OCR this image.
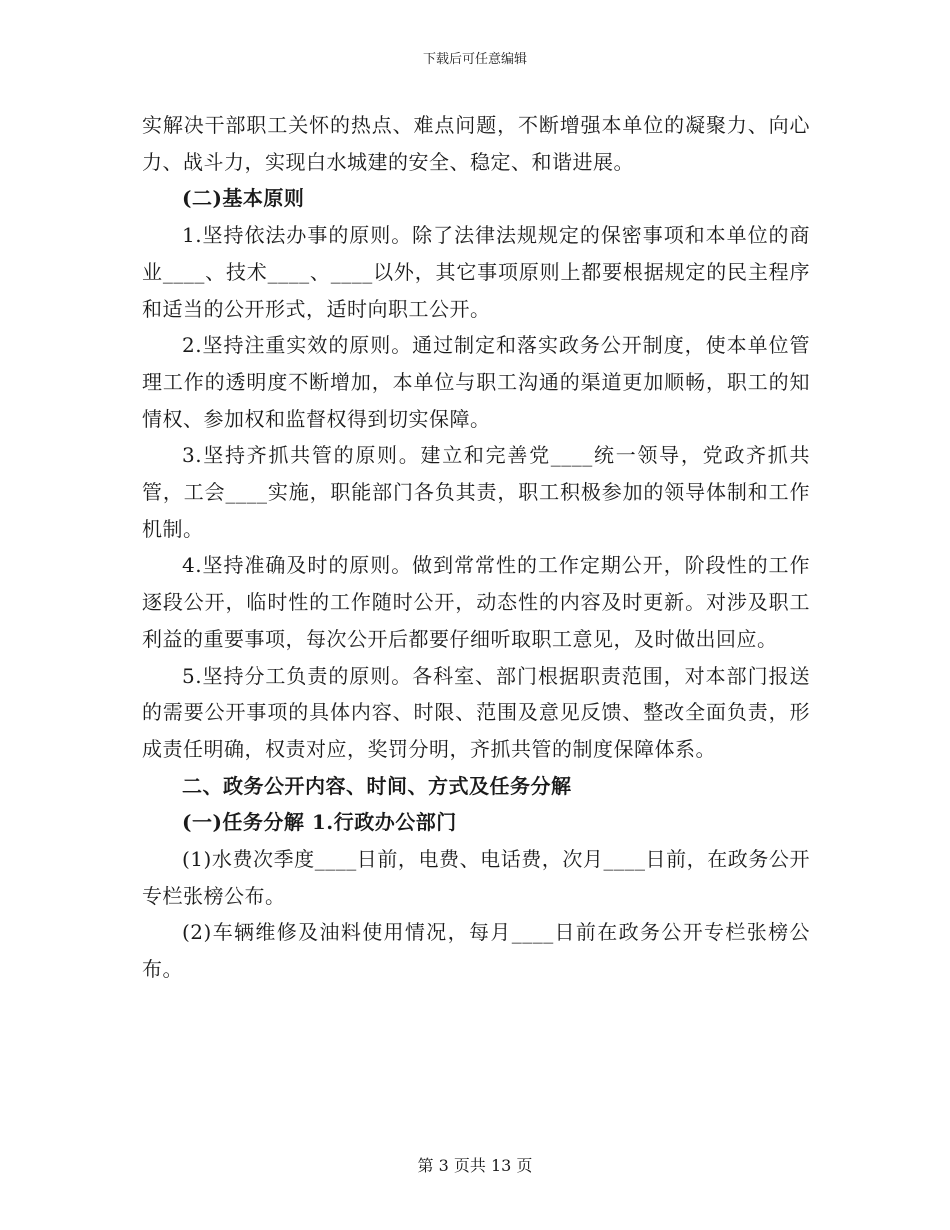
下载后可任意编辑

实解决干部职工关怀的热点、难点问题，不断增强本单位的凝聚力、向心力、战斗力，实现白水城建的安全、稳定、和谐进展。

(二)基本原则

1.坚持依法办事的原则。除了法律法规规定的保密事项和本单位的商业____、技术____、____以外，其它事项原则上都要根据规定的民主程序和适当的公开形式，适时向职工公开。

2.坚持注重实效的原则。通过制定和落实政务公开制度，使本单位管理工作的透明度不断增加，本单位与职工沟通的渠道更加顺畅，职工的知情权、参加权和监督权得到切实保障。

3.坚持齐抓共管的原则。建立和完善党____统一领导，党政齐抓共管，工会____实施，职能部门各负其责，职工积极参加的领导体制和工作机制。

4.坚持准确及时的原则。做到常常性的工作定期公开，阶段性的工作逐段公开，临时性的工作随时公开，动态性的内容及时更新。对涉及职工利益的重要事项，每次公开后都要仔细听取职工意见，及时做出回应。

5.坚持分工负责的原则。各科室、部门根据职责范围，对本部门报送的需要公开事项的具体内容、时限、范围及意见反馈、整改全面负责，形成责任明确，权责对应，奖罚分明，齐抓共管的制度保障体系。

二、政务公开内容、时间、方式及任务分解

(一)任务分解 1.行政办公部门

(1)水费次季度____日前，电费、电话费，次月____日前，在政务公开专栏张榜公布。

(2)车辆维修及油料使用情况，每月____日前在政务公开专栏张榜公布。

第 3 页共 13 页
